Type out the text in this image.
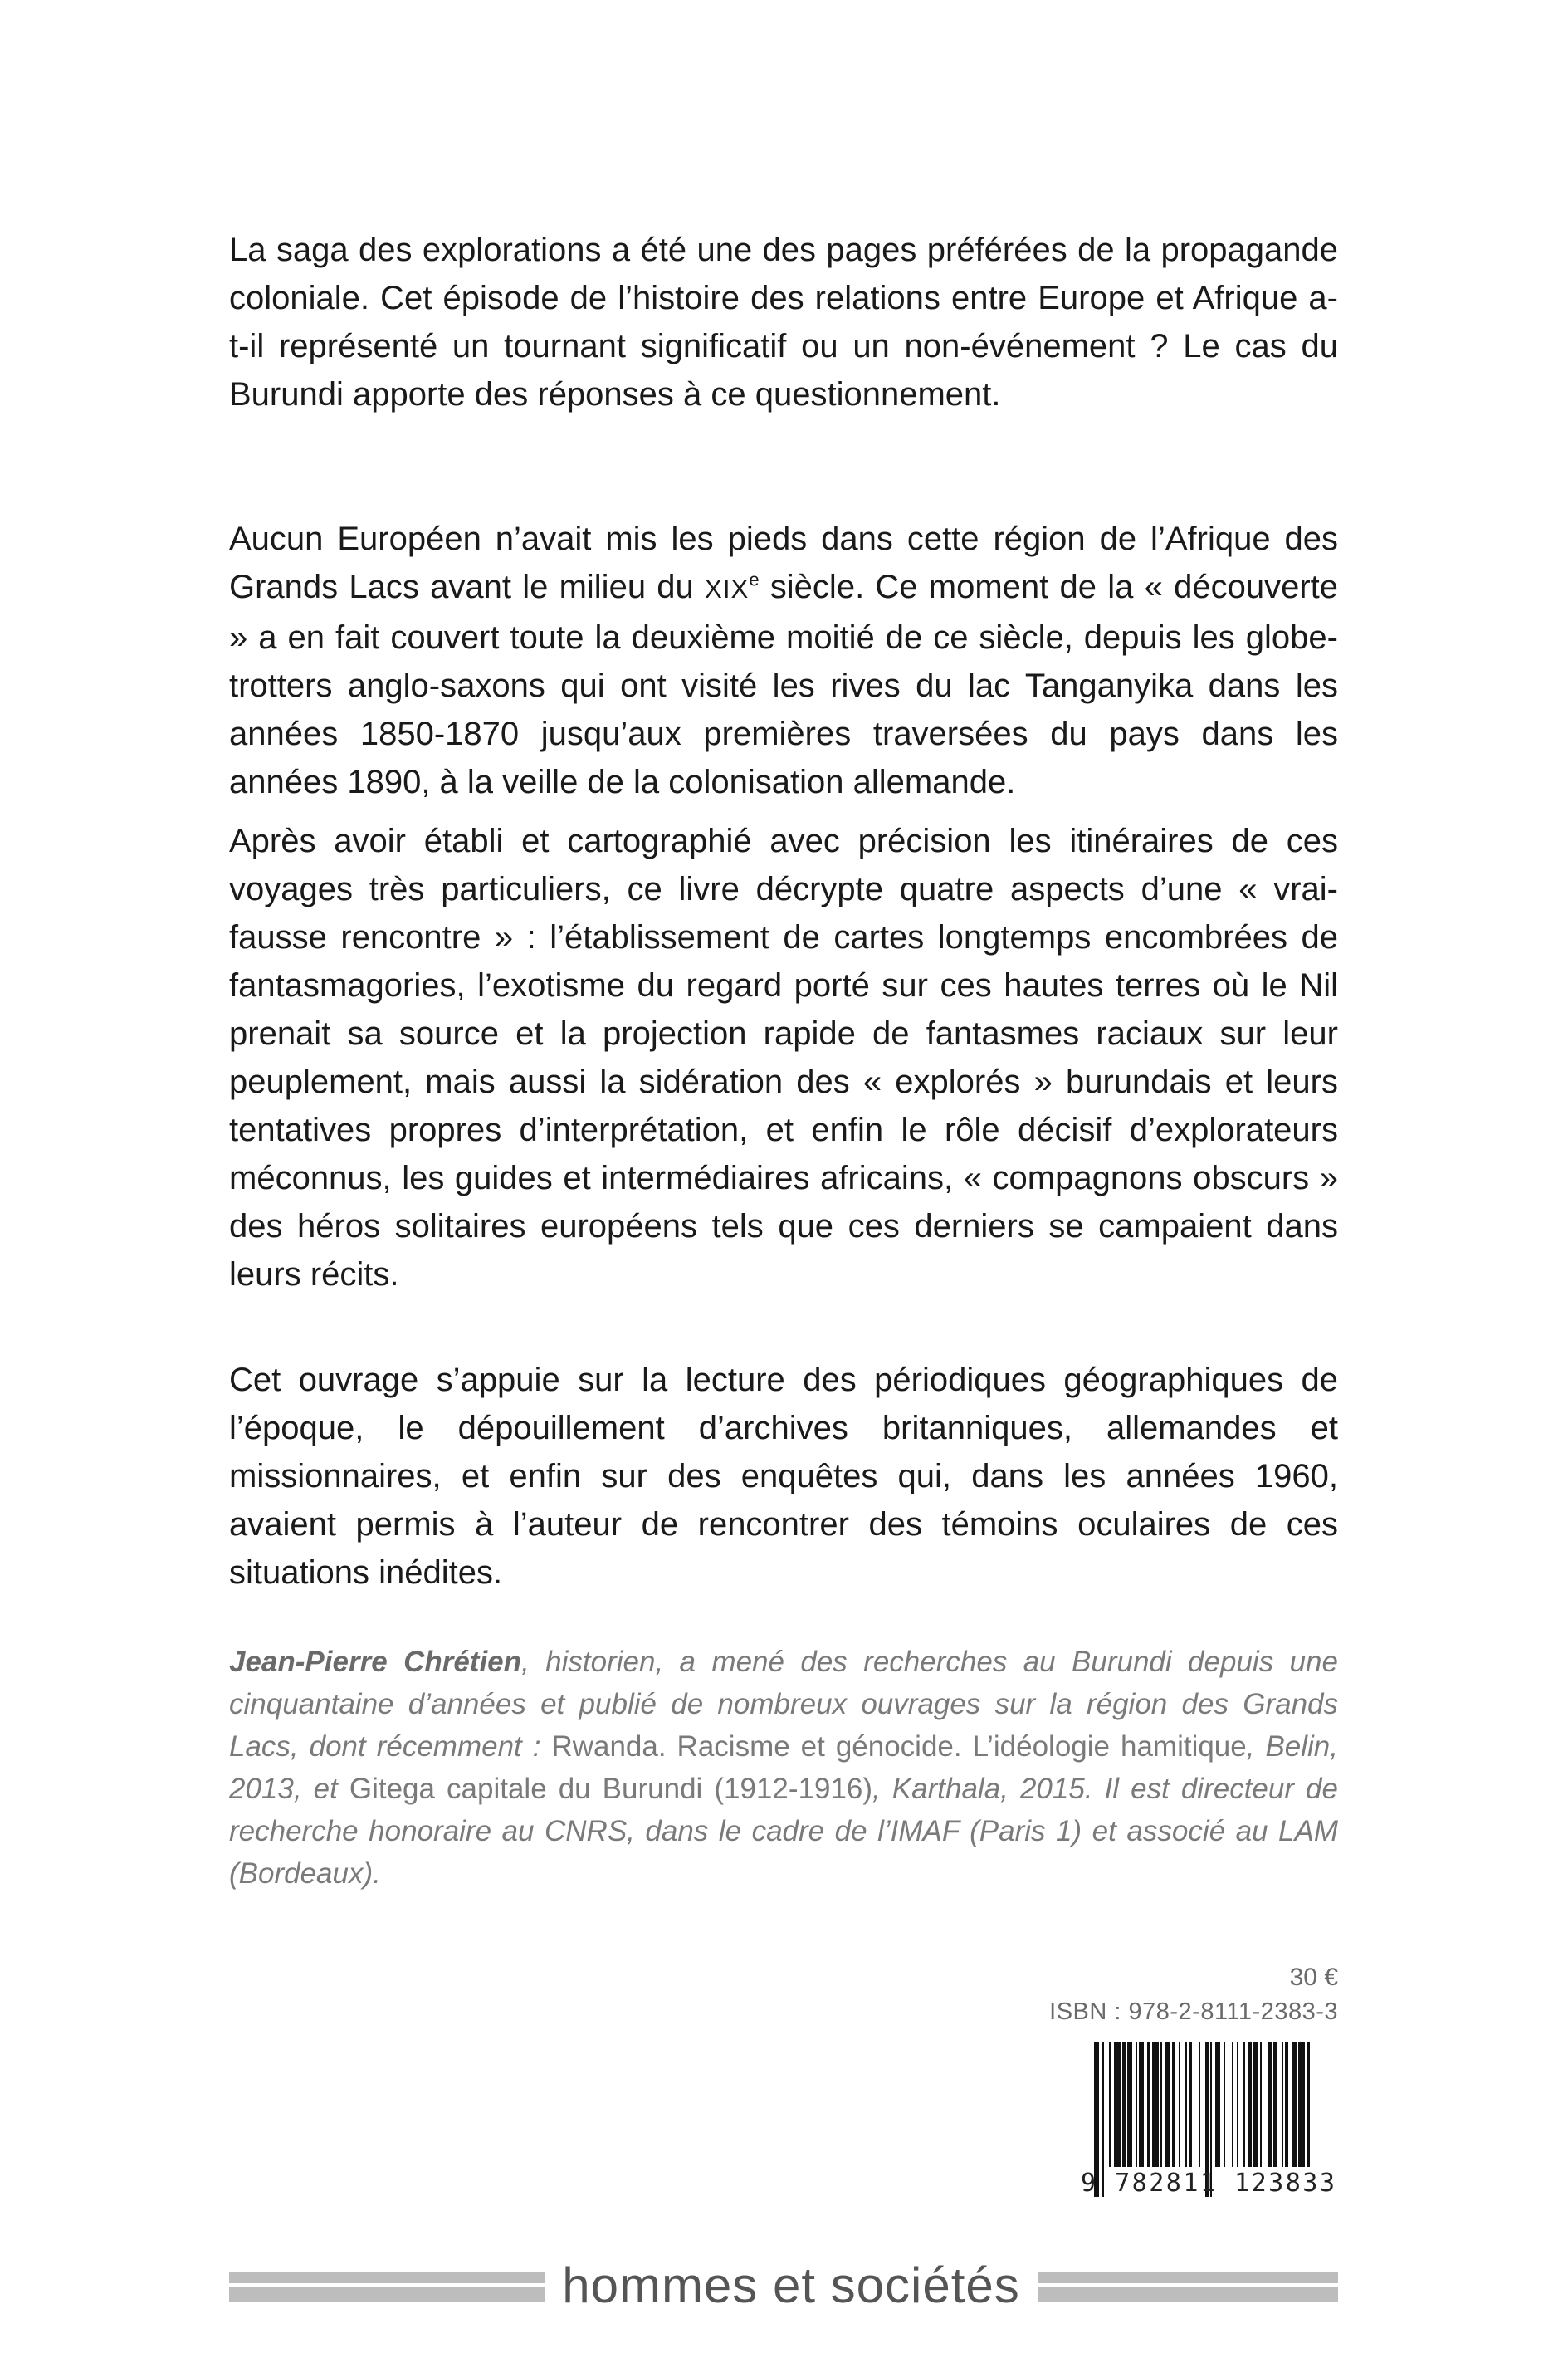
La saga des explorations a été une des pages préférées de la propagande coloniale. Cet épisode de l’histoire des relations entre Europe et Afrique a-t-il représenté un tournant significatif ou un non-événement ? Le cas du Burundi apporte des réponses à ce questionnement.

Aucun Européen n’avait mis les pieds dans cette région de l’Afrique des Grands Lacs avant le milieu du XIXe siècle. Ce moment de la « découverte » a en fait couvert toute la deuxième moitié de ce siècle, depuis les globe-trotters anglo-saxons qui ont visité les rives du lac Tanganyika dans les années 1850-1870 jusqu’aux premières traversées du pays dans les années 1890, à la veille de la colonisation allemande.

Après avoir établi et cartographié avec précision les itinéraires de ces voyages très particuliers, ce livre décrypte quatre aspects d’une « vrai-fausse rencontre » : l’établissement de cartes longtemps encombrées de fantasmagories, l’exotisme du regard porté sur ces hautes terres où le Nil prenait sa source et la projection rapide de fantasmes raciaux sur leur peuplement, mais aussi la sidération des « explorés » burundais et leurs tentatives propres d’interprétation, et enfin le rôle décisif d’explorateurs méconnus, les guides et intermédiaires africains, « compagnons obscurs » des héros solitaires européens tels que ces derniers se campaient dans leurs récits.

Cet ouvrage s’appuie sur la lecture des périodiques géographiques de l’époque, le dépouillement d’archives britanniques, allemandes et missionnaires, et enfin sur des enquêtes qui, dans les années 1960, avaient permis à l’auteur de rencontrer des témoins oculaires de ces situations inédites.

Jean-Pierre Chrétien, historien, a mené des recherches au Burundi depuis une cinquantaine d’années et publié de nombreux ouvrages sur la région des Grands Lacs, dont récemment : Rwanda. Racisme et génocide. L’idéologie hamitique, Belin, 2013, et Gitega capitale du Burundi (1912-1916), Karthala, 2015. Il est directeur de recherche honoraire au CNRS, dans le cadre de l’IMAF (Paris 1) et associé au LAM (Bordeaux).

30 €
ISBN : 978-2-8111-2383-3
9 782811 123833
hommes et sociétés
